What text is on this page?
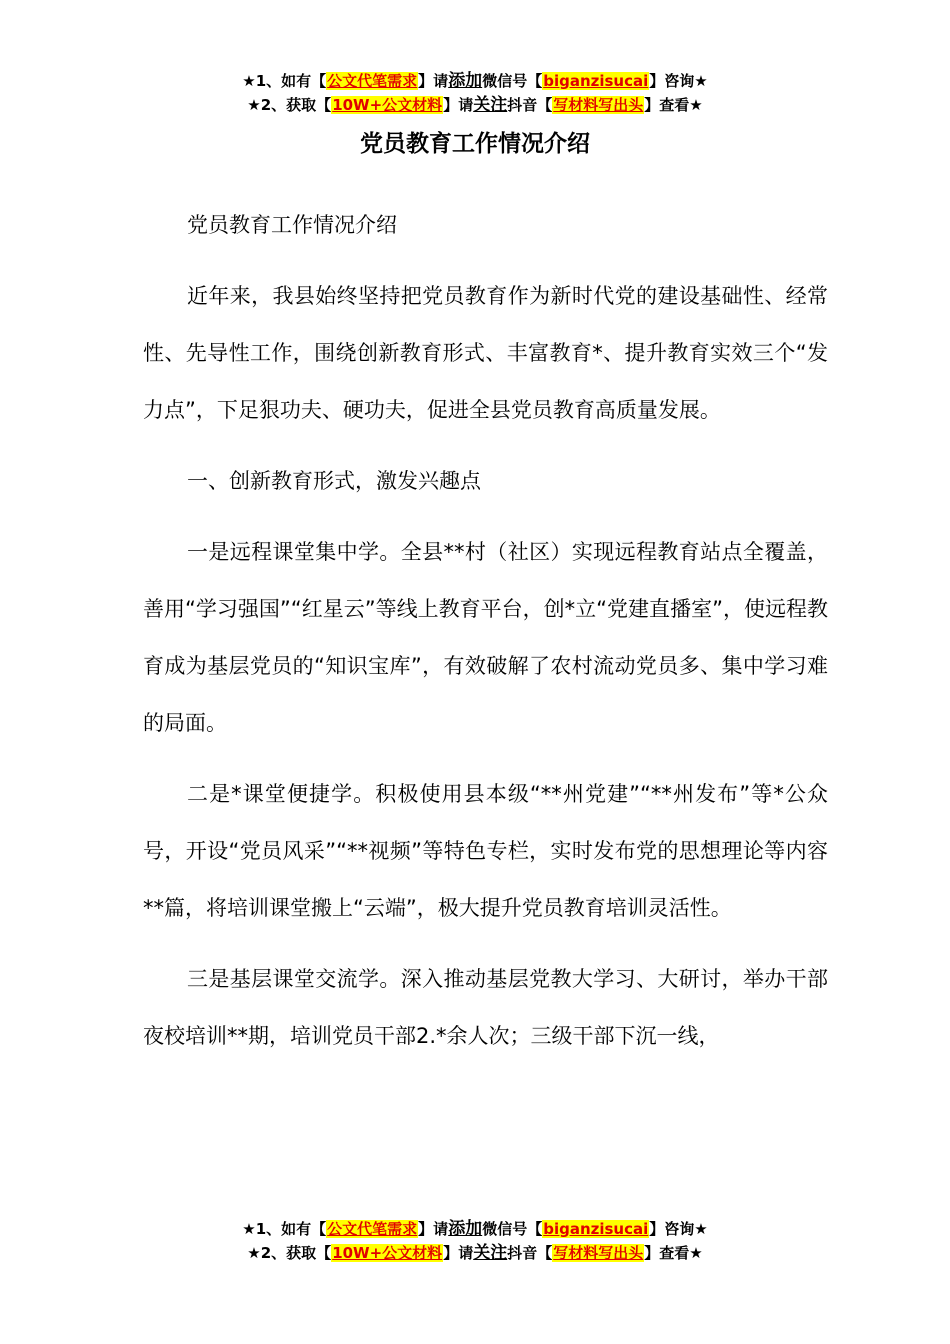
★1、如有【公文代笔需求】请添加微信号【biganzisucai】咨询★
★2、获取【10W+公文材料】请关注抖音【写材料写出头】查看★
党员教育工作情况介绍

党员教育工作情况介绍

近年来，我县始终坚持把党员教育作为新时代党的建设基础性、经常性、先导性工作，围绕创新教育形式、丰富教育*、提升教育实效三个“发力点”，下足狠功夫、硬功夫，促进全县党员教育高质量发展。

一、创新教育形式，激发兴趣点

一是远程课堂集中学。全县**村（社区）实现远程教育站点全覆盖，善用“学习强国”“红星云”等线上教育平台，创*立“党建直播室”，使远程教育成为基层党员的“知识宝库”，有效破解了农村流动党员多、集中学习难的局面。

二是*课堂便捷学。积极使用县本级“**州党建”“**州发布”等*公众号，开设“党员风采”“**视频”等特色专栏，实时发布党的思想理论等内容**篇，将培训课堂搬上“云端”，极大提升党员教育培训灵活性。

三是基层课堂交流学。深入推动基层党教大学习、大研讨，举办干部夜校培训**期，培训党员干部2.*余人次；三级干部下沉一线，

★1、如有【公文代笔需求】请添加微信号【biganzisucai】咨询★
★2、获取【10W+公文材料】请关注抖音【写材料写出头】查看★
